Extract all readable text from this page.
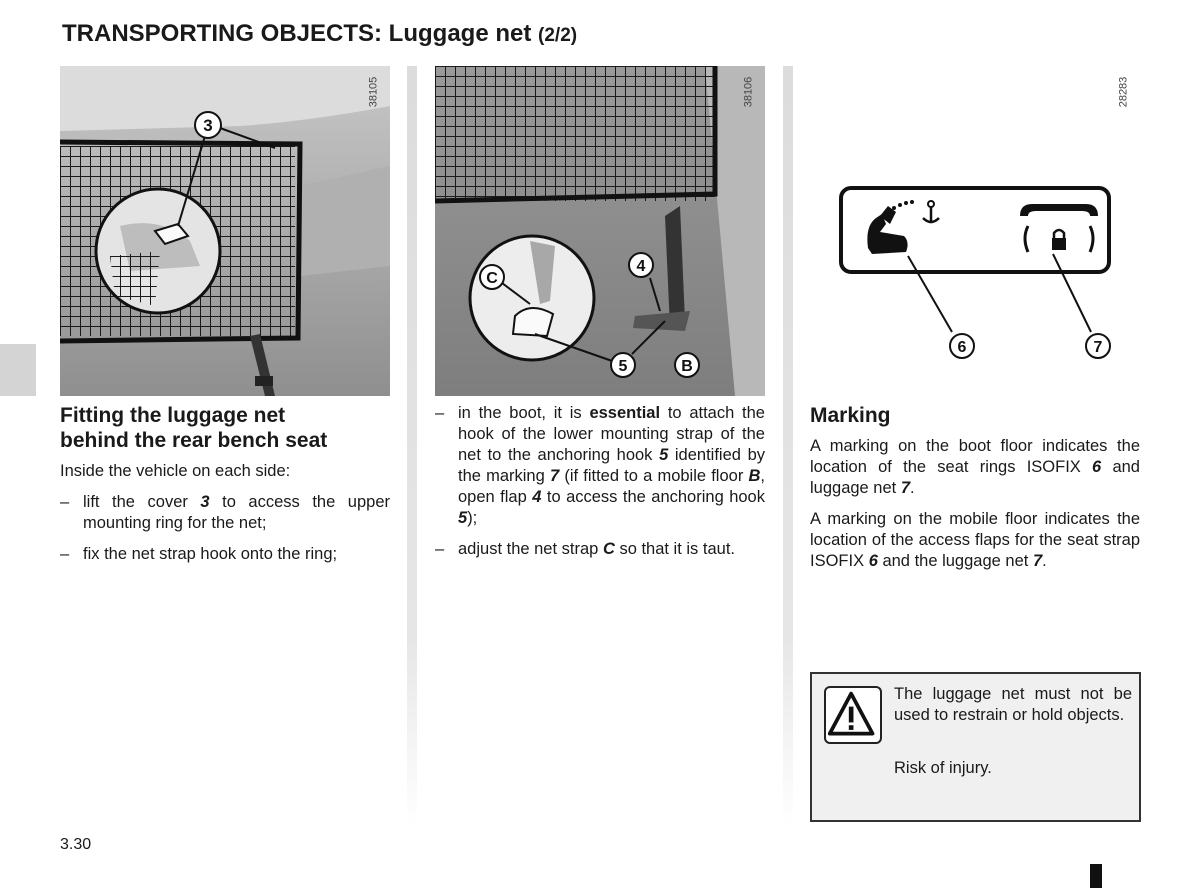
TRANSPORTING OBJECTS: Luggage net (2/2)
3
38105
C
4
5	B
38106
6	7
28283
Fitting the luggage net
behind the rear bench seat
Inside the vehicle on each side:
– lift the cover 3 to access the upper mounting ring for the net;
– fix the net strap hook onto the ring;
– in the boot, it is essential to attach the hook of the lower mounting strap of the net to the anchoring hook 5 identified by the marking 7 (if fitted to a mobile floor B, open flap 4 to access the anchoring hook 5);
– adjust the net strap C so that it is taut.
Marking
A marking on the boot floor indicates the location of the seat rings ISOFIX 6 and luggage net 7.
A marking on the mobile floor indicates the location of the access flaps for the seat strap ISOFIX 6 and the luggage net 7.
The luggage net must not be used to restrain or hold objects.
Risk of injury.
3.30
